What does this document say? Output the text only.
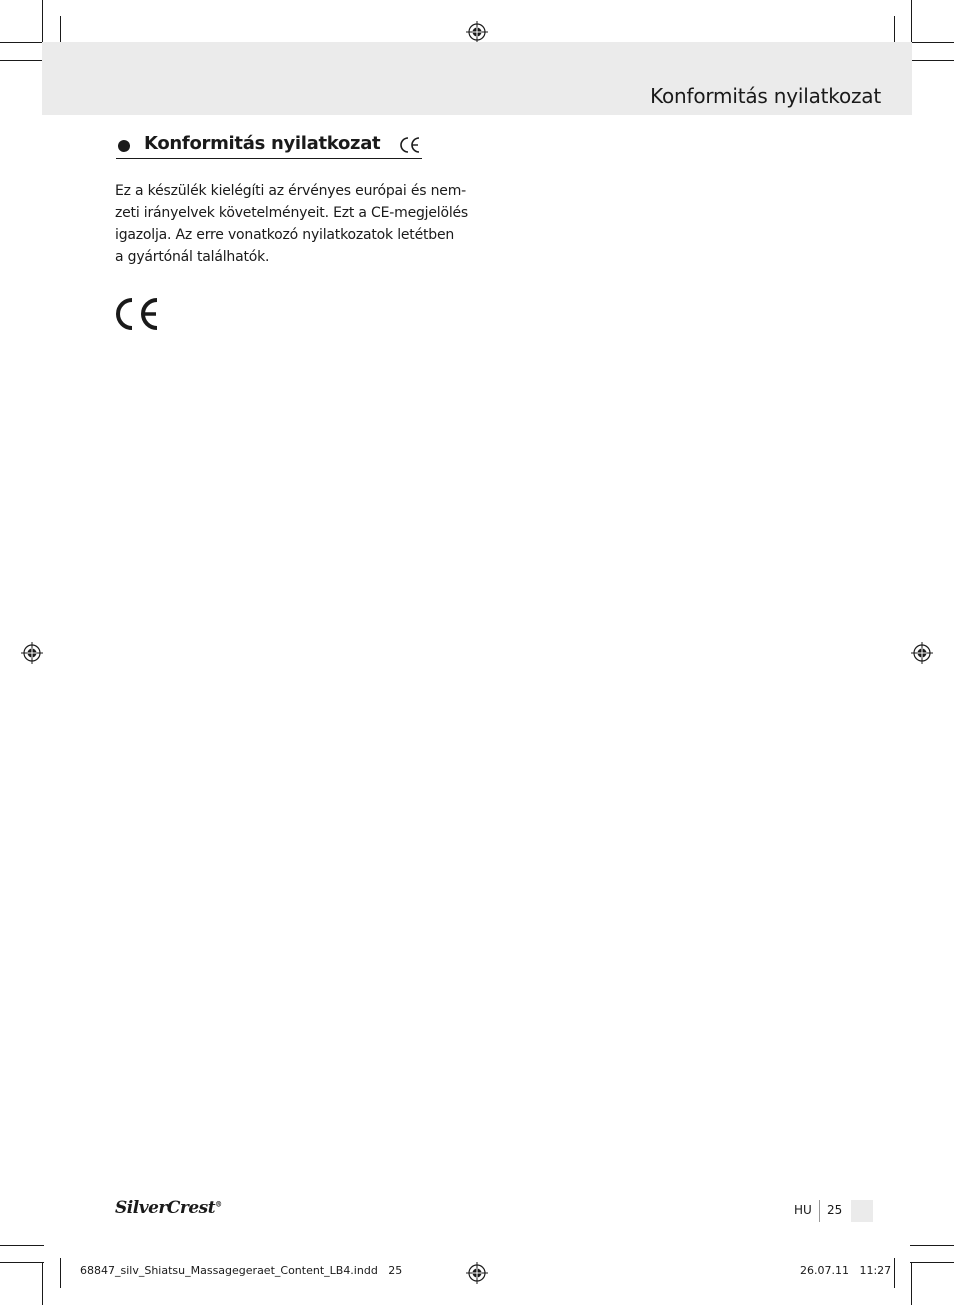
Konformitás nyilatkozat
Konformitás nyilatkozat
Ez a készülék kielégíti az érvényes európai és nem-
zeti irányelvek követelményeit. Ezt a CE-megjelölés
igazolja. Az erre vonatkozó nyilatkozatok letétben
a gyártónál találhatók.
SilverCrest®	HU 25
68847_silv_Shiatsu_Massagegeraet_Content_LB4.indd   25	26.07.11   11:27
